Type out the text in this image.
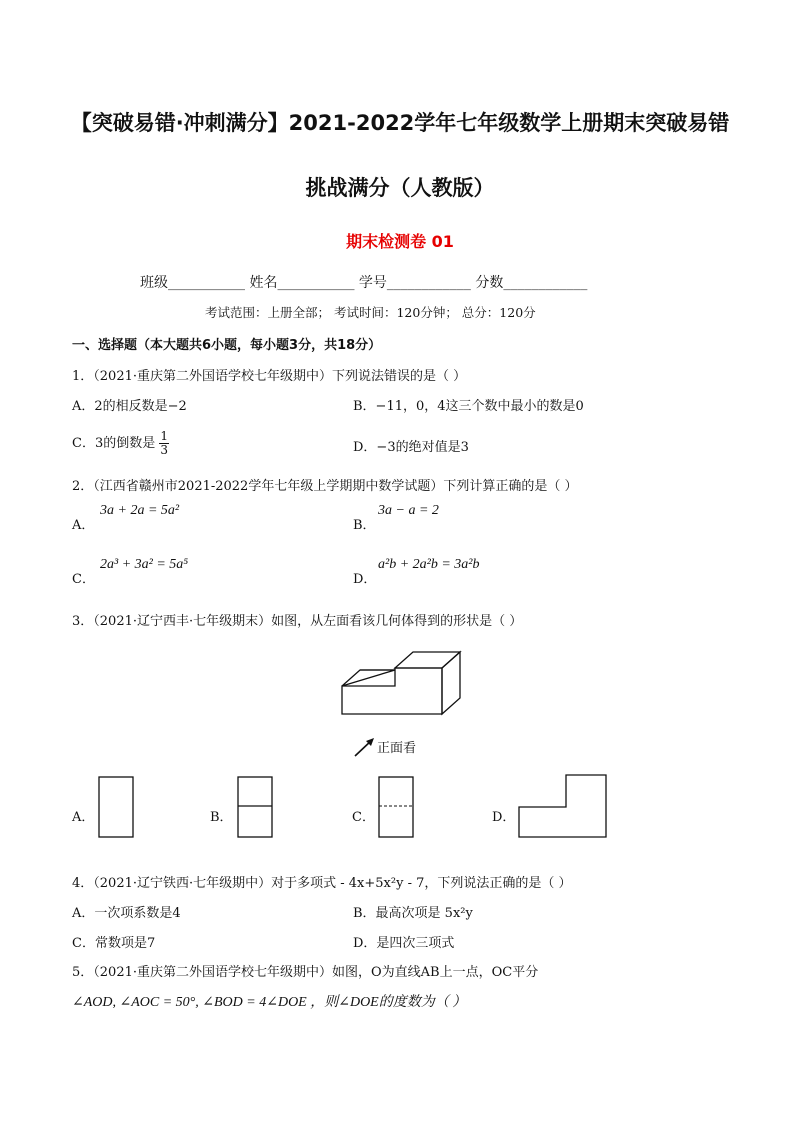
【突破易错·冲刺满分】2021-2022学年七年级数学上册期末突破易错
挑战满分（人教版）
期末检测卷 01
班级___________ 姓名___________ 学号____________ 分数____________
考试范围：上册全部； 考试时间：120分钟； 总分：120分
一、选择题（本大题共6小题，每小题3分，共18分）
1．（2021·重庆第二外国语学校七年级期中）下列说法错误的是（ ）
A．2的相反数是−2	B．−11，0，4这三个数中最小的数是0
C．3的倒数是 $\frac{1}{3}$	D．−3的绝对值是3
2．（江西省赣州市2021-2022学年七年级上学期期中数学试题）下列计算正确的是（ ）
A．
3a + 2a = 5a²
B．
3a − a = 2
C．
2a³ + 3a² = 5a⁵
D．
a²b + 2a²b = 3a²b
3．（2021·辽宁西丰·七年级期末）如图，从左面看该几何体得到的形状是（ ）
正面看
A．	B．	C．	D．
4．（2021·辽宁铁西·七年级期中）对于多项式 - 4x+5x²y - 7，下列说法正确的是（ ）
A．一次项系数是4	B．最高次项是 5x²y
C．常数项是7	D．是四次三项式
5．（2021·重庆第二外国语学校七年级期中）如图，O为直线AB上一点，OC平分
∠AOD, ∠AOC = 50°, ∠BOD = 4∠DOE ，则∠DOE的度数为（ ）
